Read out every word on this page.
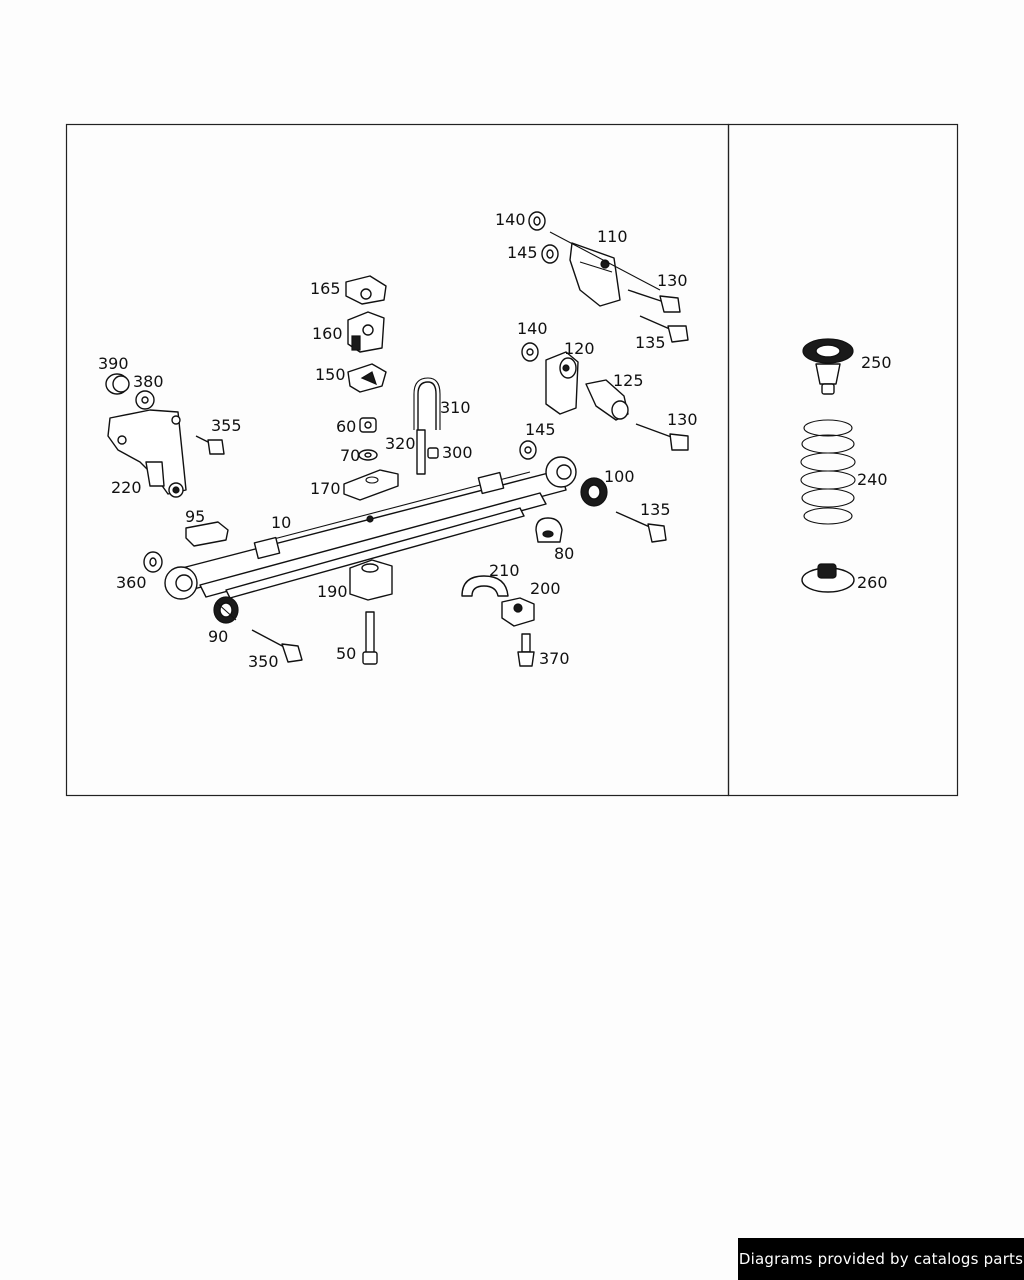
140
110
145
130
165
160	140
120	135
125
390
380	150
310
355	60	130
320 300
145
70
220	170
100
95	10
135
80
210
360	200
190
90
350	50	370
250
240
260
Diagrams provided by catalogs parts
